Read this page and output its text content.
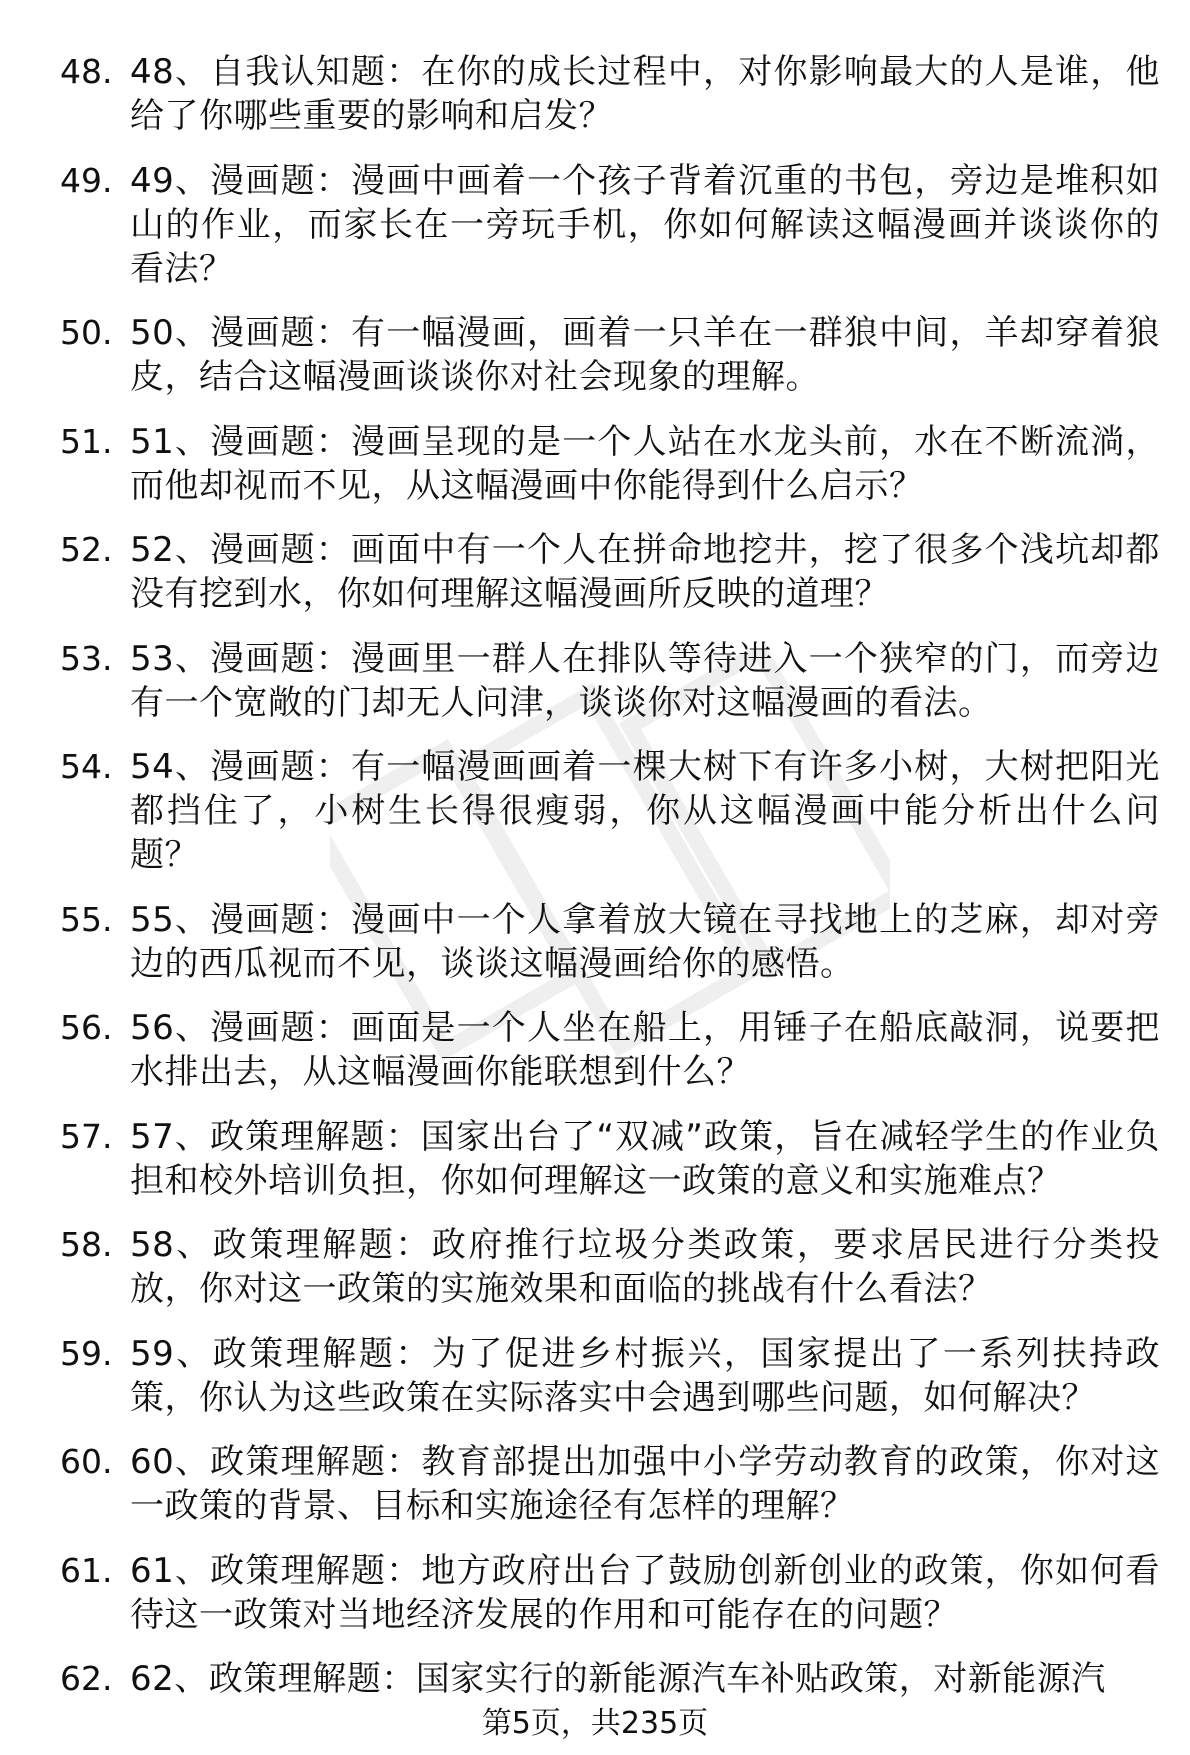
48. 48、自我认知题：在你的成长过程中，对你影响最大的人是谁，他给了你哪些重要的影响和启发？
49. 49、漫画题：漫画中画着一个孩子背着沉重的书包，旁边是堆积如山的作业，而家长在一旁玩手机，你如何解读这幅漫画并谈谈你的看法？
50. 50、漫画题：有一幅漫画，画着一只羊在一群狼中间，羊却穿着狼皮，结合这幅漫画谈谈你对社会现象的理解。
51. 51、漫画题：漫画呈现的是一个人站在水龙头前，水在不断流淌，而他却视而不见，从这幅漫画中你能得到什么启示？
52. 52、漫画题：画面中有一个人在拼命地挖井，挖了很多个浅坑却都没有挖到水，你如何理解这幅漫画所反映的道理？
53. 53、漫画题：漫画里一群人在排队等待进入一个狭窄的门，而旁边有一个宽敞的门却无人问津，谈谈你对这幅漫画的看法。
54. 54、漫画题：有一幅漫画画着一棵大树下有许多小树，大树把阳光都挡住了，小树生长得很瘦弱，你从这幅漫画中能分析出什么问题？
55. 55、漫画题：漫画中一个人拿着放大镜在寻找地上的芝麻，却对旁边的西瓜视而不见，谈谈这幅漫画给你的感悟。
56. 56、漫画题：画面是一个人坐在船上，用锤子在船底敲洞，说要把水排出去，从这幅漫画你能联想到什么？
57. 57、政策理解题：国家出台了“双减”政策，旨在减轻学生的作业负担和校外培训负担，你如何理解这一政策的意义和实施难点？
58. 58、政策理解题：政府推行垃圾分类政策，要求居民进行分类投放，你对这一政策的实施效果和面临的挑战有什么看法？
59. 59、政策理解题：为了促进乡村振兴，国家提出了一系列扶持政策，你认为这些政策在实际落实中会遇到哪些问题，如何解决？
60. 60、政策理解题：教育部提出加强中小学劳动教育的政策，你对这一政策的背景、目标和实施途径有怎样的理解？
61. 61、政策理解题：地方政府出台了鼓励创新创业的政策，你如何看待这一政策对当地经济发展的作用和可能存在的问题？
62. 62、政策理解题：国家实行的新能源汽车补贴政策，对新能源汽
第5页，共235页
